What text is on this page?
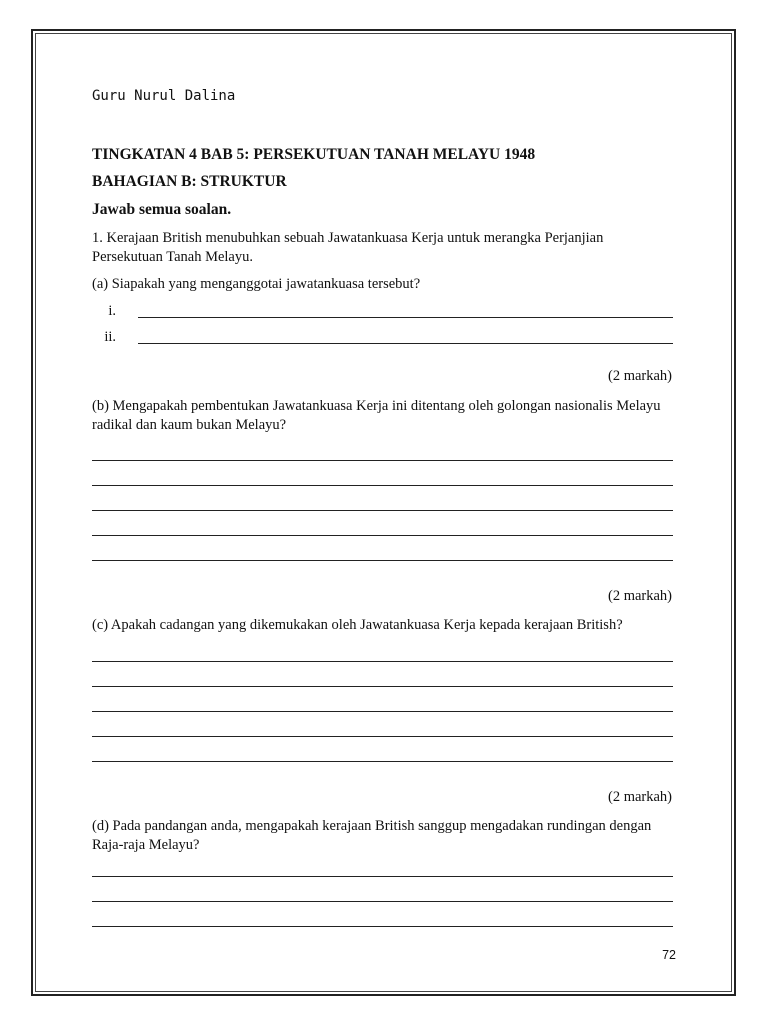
Guru Nurul Dalina
TINGKATAN 4 BAB 5: PERSEKUTUAN TANAH MELAYU 1948
BAHAGIAN B: STRUKTUR
Jawab semua soalan.
1. Kerajaan British menubuhkan sebuah Jawatankuasa Kerja untuk merangka Perjanjian Persekutuan Tanah Melayu.
(a) Siapakah yang menganggotai jawatankuasa tersebut?
i.
ii.
(2 markah)
(b) Mengapakah pembentukan Jawatankuasa Kerja ini ditentang oleh golongan nasionalis Melayu radikal dan kaum bukan Melayu?
(2 markah)
(c) Apakah cadangan yang dikemukakan oleh Jawatankuasa Kerja kepada kerajaan British?
(2 markah)
(d) Pada pandangan anda, mengapakah kerajaan British sanggup mengadakan rundingan dengan Raja-raja Melayu?
72
